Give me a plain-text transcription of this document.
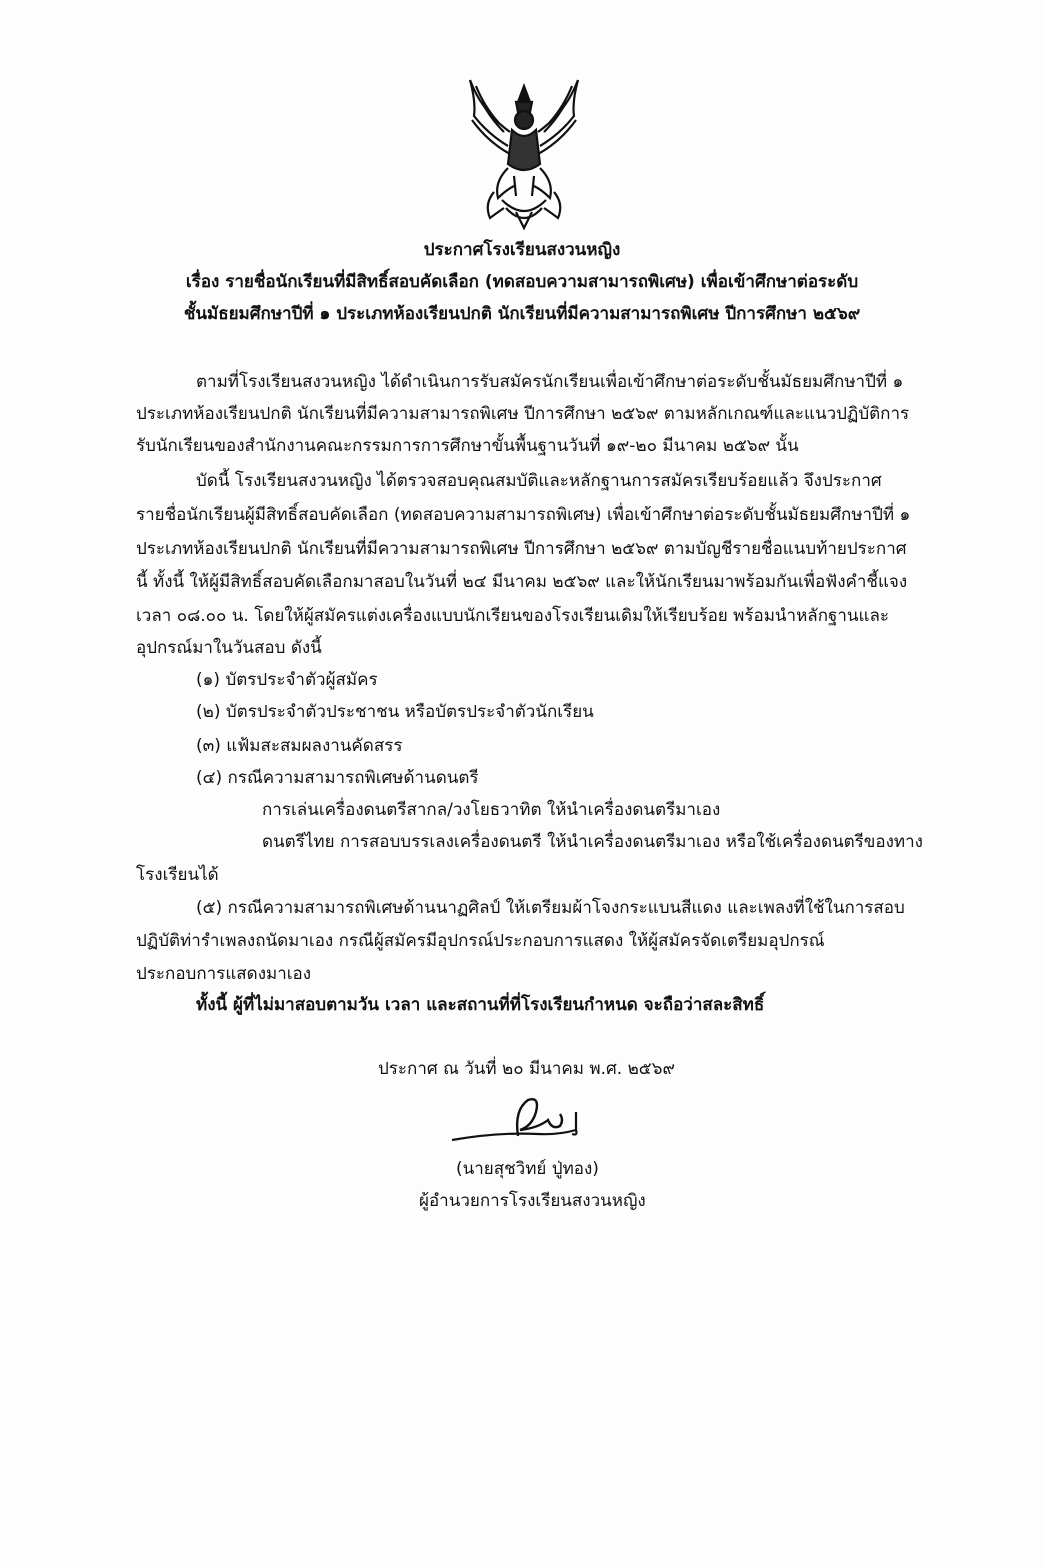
ประกาศโรงเรียนสงวนหญิง
เรื่อง รายชื่อนักเรียนที่มีสิทธิ์สอบคัดเลือก (ทดสอบความสามารถพิเศษ) เพื่อเข้าศึกษาต่อระดับ
ชั้นมัธยมศึกษาปีที่ ๑ ประเภทห้องเรียนปกติ นักเรียนที่มีความสามารถพิเศษ ปีการศึกษา ๒๕๖๙
ตามที่โรงเรียนสงวนหญิง ได้ดำเนินการรับสมัครนักเรียนเพื่อเข้าศึกษาต่อระดับชั้นมัธยมศึกษาปีที่ ๑
ประเภทห้องเรียนปกติ นักเรียนที่มีความสามารถพิเศษ ปีการศึกษา ๒๕๖๙ ตามหลักเกณฑ์และแนวปฏิบัติการ
รับนักเรียนของสำนักงานคณะกรรมการการศึกษาขั้นพื้นฐานวันที่ ๑๙-๒๐ มีนาคม ๒๕๖๙ นั้น
บัดนี้ โรงเรียนสงวนหญิง ได้ตรวจสอบคุณสมบัติและหลักฐานการสมัครเรียบร้อยแล้ว จึงประกาศ
รายชื่อนักเรียนผู้มีสิทธิ์สอบคัดเลือก (ทดสอบความสามารถพิเศษ) เพื่อเข้าศึกษาต่อระดับชั้นมัธยมศึกษาปีที่ ๑
ประเภทห้องเรียนปกติ นักเรียนที่มีความสามารถพิเศษ ปีการศึกษา ๒๕๖๙ ตามบัญชีรายชื่อแนบท้ายประกาศ
นี้ ทั้งนี้ ให้ผู้มีสิทธิ์สอบคัดเลือกมาสอบในวันที่ ๒๔ มีนาคม ๒๕๖๙ และให้นักเรียนมาพร้อมกันเพื่อฟังคำชี้แจง
เวลา ๐๘.๐๐ น. โดยให้ผู้สมัครแต่งเครื่องแบบนักเรียนของโรงเรียนเดิมให้เรียบร้อย พร้อมนำหลักฐานและ
อุปกรณ์มาในวันสอบ ดังนี้
(๑) บัตรประจำตัวผู้สมัคร
(๒) บัตรประจำตัวประชาชน หรือบัตรประจำตัวนักเรียน
(๓) แฟ้มสะสมผลงานคัดสรร
(๔) กรณีความสามารถพิเศษด้านดนตรี
การเล่นเครื่องดนตรีสากล/วงโยธวาทิต ให้นำเครื่องดนตรีมาเอง
ดนตรีไทย การสอบบรรเลงเครื่องดนตรี ให้นำเครื่องดนตรีมาเอง หรือใช้เครื่องดนตรีของทาง
โรงเรียนได้
(๕) กรณีความสามารถพิเศษด้านนาฏศิลป์ ให้เตรียมผ้าโจงกระแบนสีแดง และเพลงที่ใช้ในการสอบ
ปฏิบัติท่ารำเพลงถนัดมาเอง กรณีผู้สมัครมีอุปกรณ์ประกอบการแสดง ให้ผู้สมัครจัดเตรียมอุปกรณ์
ประกอบการแสดงมาเอง
ทั้งนี้ ผู้ที่ไม่มาสอบตามวัน เวลา และสถานที่ที่โรงเรียนกำหนด จะถือว่าสละสิทธิ์
ประกาศ ณ วันที่ ๒๐ มีนาคม พ.ศ. ๒๕๖๙
(นายสุชวิทย์ ปู่ทอง)
ผู้อำนวยการโรงเรียนสงวนหญิง
